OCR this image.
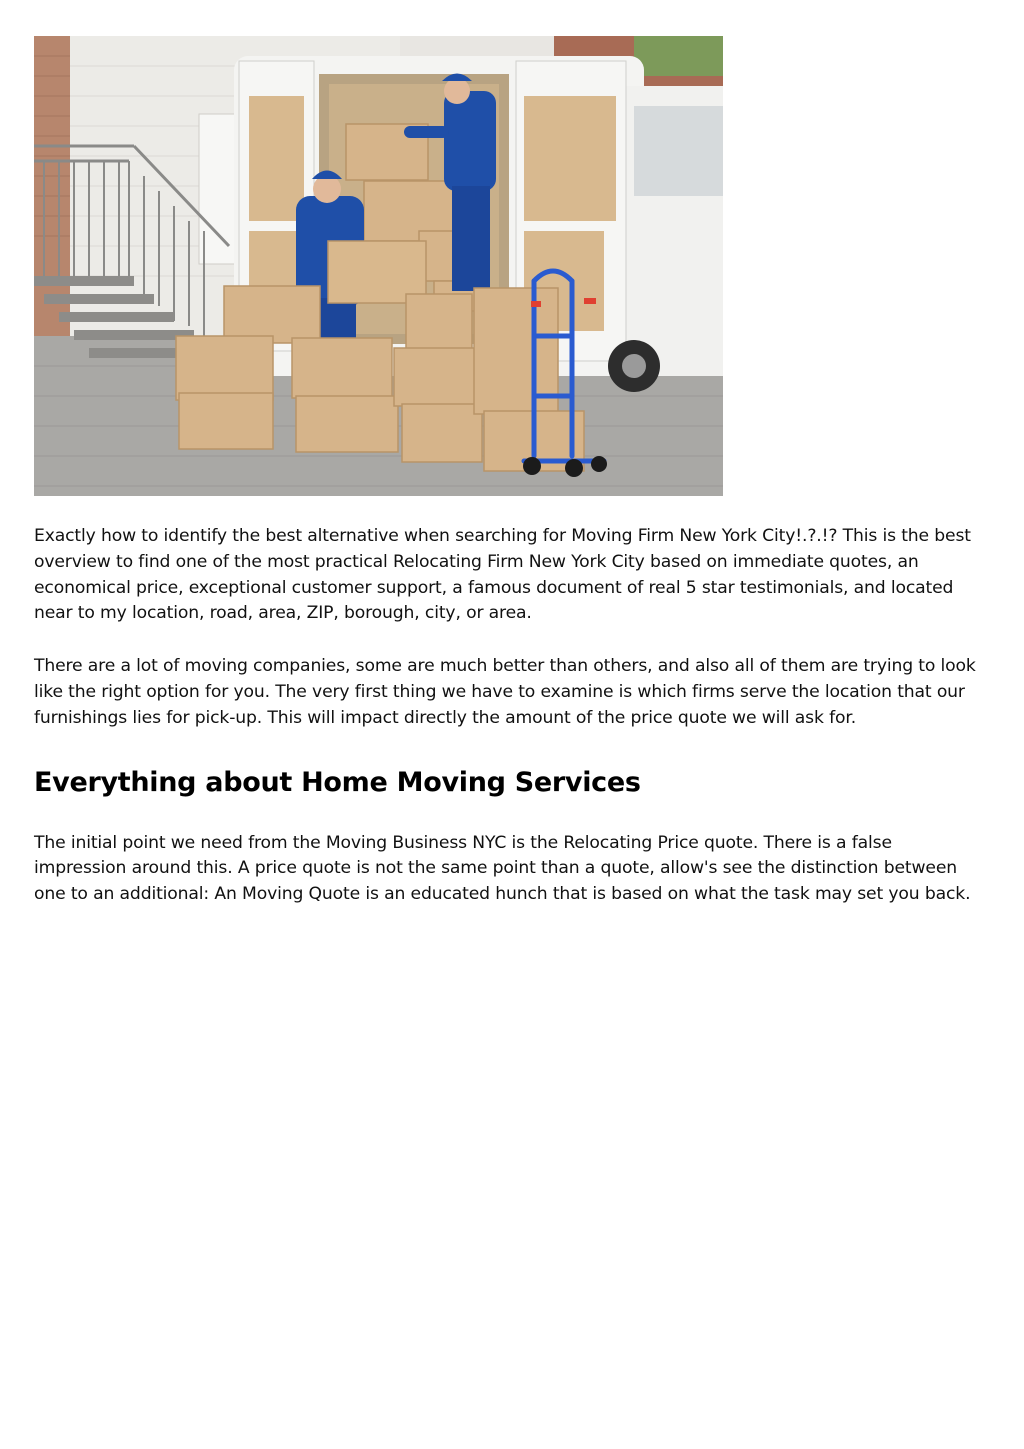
Exactly how to identify the best alternative when searching for Moving Firm New York City!.?.!? This is the best overview to find one of the most practical Relocating Firm New York City based on immediate quotes, an economical price, exceptional customer support, a famous document of real 5 star testimonials, and located near to my location, road, area, ZIP, borough, city, or area.

There are a lot of moving companies, some are much better than others, and also all of them are trying to look like the right option for you. The very first thing we have to examine is which firms serve the location that our furnishings lies for pick-up. This will impact directly the amount of the price quote we will ask for.

Everything about Home Moving Services

The initial point we need from the Moving Business NYC is the Relocating Price quote. There is a false impression around this. A price quote is not the same point than a quote, allow's see the distinction between one to an additional: An Moving Quote is an educated hunch that is based on what the task may set you back.
